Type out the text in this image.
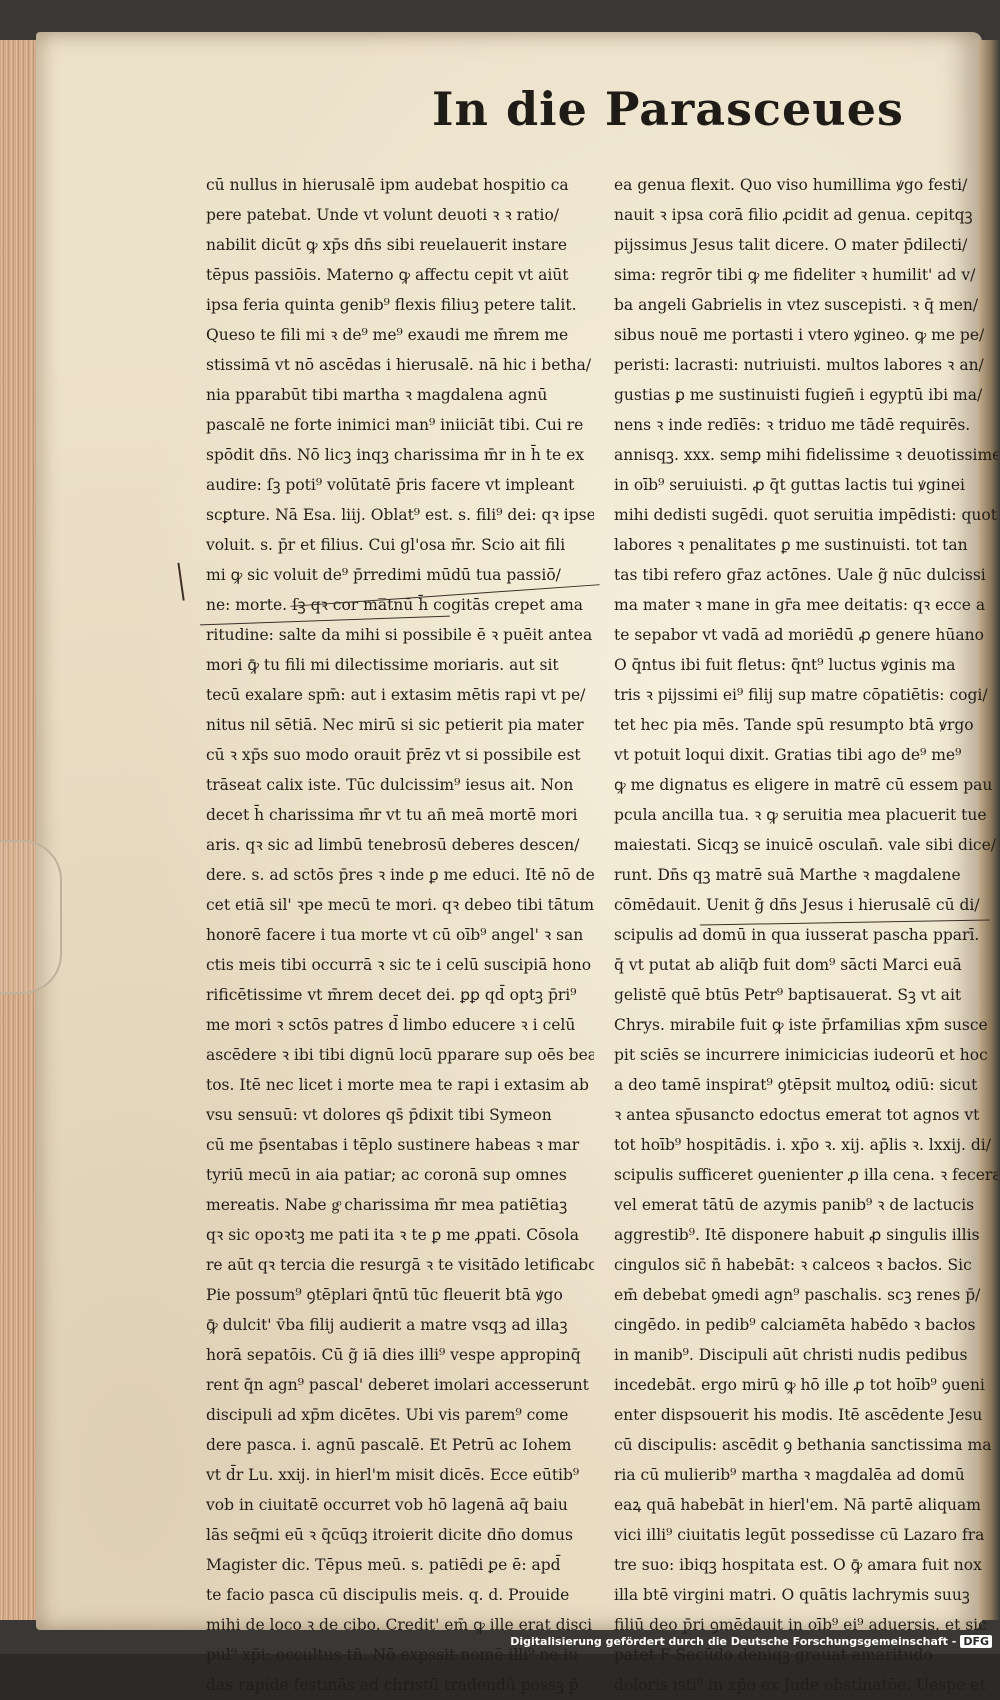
In die Parasceues
cū nullus in hierusalē ipm audebat hospitio ca
pere patebat. Unde vt volunt deuoti ꝛ ꝛ ratio/
nabilit dicūt ꝙ xp̄s dn̄s sibi reuelauerit instare
tēpus passiōis. Materno ꝙ affectu cepit vt aiūt
ipsa feria quinta genib⁹ flexis filiuꝫ petere talit.
Queso te fili mi ꝛ de⁹ me⁹ exaudi me m̄rem me
stissimā vt nō ascēdas i hierusalē. nā hic i betha/
nia pparabūt tibi martha ꝛ magdalena agnū
pascalē ne forte inimici man⁹ iniiciāt tibi. Cui re
spōdit dn̄s. Nō licꝫ inqꝫ charissima m̄r in h̄ te ex
audire: ſꝫ poti⁹ volūtatē p̄ris facere vt impleant
scꝑture. Nā Esa. liij. Oblat⁹ est. s. fili⁹ dei: qꝛ ipse
voluit. s. p̄r et filius. Cui gl'osa m̄r. Scio ait fili
mi ꝙ sic voluit de⁹ p̄rredimi mūdū tua passiō/
ne: morte. ſꝫ qꝛ cor ma̅tnū h̄ cogitās crepet ama
ritudine: salte da mihi si possibile ē ꝛ puēit antea
mori ꝙ̄ tu fili mi dilectissime moriaris. aut sit
tecū exalare spm̄: aut i extasim mētis rapi vt pe/
nitus nil sētiā. Nec mirū si sic petierit pia mater
cū ꝛ xp̄s suo modo orauit p̄rēz vt si possibile est
trāseat calix iste. Tūc dulcissim⁹ iesus ait. Non
decet h̄ charissima m̄r vt tu an̄ meā mortē mori
aris. qꝛ sic ad limbū tenebrosū deberes descen/
dere. s. ad sctōs p̄res ꝛ inde ꝑ me educi. Itē nō de
cet etiā sil' ꝛpe mecū te mori. qꝛ debeo tibi tātum
honorē facere i tua morte vt cū oīb⁹ angel' ꝛ san
ctis meis tibi occurrā ꝛ sic te i celū suscipiā hono
rificētissime vt m̄rem decet dei. ꝑꝑ qd̄ optꝫ p̄ri⁹
me mori ꝛ sctōs patres d̄ limbo educere ꝛ i celū
ascēdere ꝛ ibi tibi dignū locū pparare sup oēs bea/
tos. Itē nec licet i morte mea te rapi i extasim ab
vsu sensuū: vt dolores qs̄ p̄dixit tibi Symeon
cū me p̄sentabas i tēplo sustinere habeas ꝛ mar
tyriū mecū in aia patiar; ac coronā sup omnes
mereatis. Nabe gͦ charissima m̄r mea patiētiaꝫ
qꝛ sic opoꝛtꝫ me pati ita ꝛ te ꝑ me ꝓpati. Cōsola
re aūt qꝛ tercia die resurgā ꝛ te visitādo letificabo
Pie possum⁹ ꝯtēplari q̄ntū tūc fleuerit btā ꝟgo
ꝙ̄ dulcit' v̄ba filij audierit a matre vsqꝫ ad illaꝫ
horā sepatōis. Cū g̃ iā dies illi⁹ vespe appropinq̄
rent q̄n agn⁹ pascal' deberet imolari accesserunt
discipuli ad xp̄m dicētes. Ubi vis parem⁹ come
dere pasca. i. agnū pascalē. Et Petrū ac Iohem
vt d̄r Lu. xxij. in hierl'm misit dicēs. Ecce eūtib⁹
vob in ciuitatē occurret vob hō lagenā aq̄ baiu
lās seq̄mi eū ꝛ q̄cūqꝫ itroierit dicite dn̄o domus
Magister dic. Tēpus meū. s. patiēdi ꝑe ē: apd̄
te facio pasca cū discipulis meis. q. d. Prouide
mihi de loco ꝛ de cibo. Credit' em̄ ꝙ ille erat disci
pul⁹ xp̄i: occultus tn̄. Nō expssit nomē illi⁹ ne iu
das rapide festinās ad christū tradendū possꝫ p̄
ea genua flexit. Quo viso humillima ꝟgo festi/
nauit ꝛ ipsa corā filio ꝓcidit ad genua. cepitqꝫ
pijssimus Jesus talit dicere. O mater p̄dilecti/
sima: regrōr tibi ꝙ me fideliter ꝛ humilit' ad v/
ba angeli Gabrielis in vtez suscepisti. ꝛ q̄ men/
sibus nouē me portasti i vtero ꝟgineo. ꝙ me pe/
peristi: lacrasti: nutriuisti. multos labores ꝛ an/
gustias ꝑ me sustinuisti fugien̄ i egyptū ibi ma/
nens ꝛ inde redīēs: ꝛ triduo me tādē requirēs.
annisqꝫ. xxx. semꝑ mihi fidelissime ꝛ deuotissime
in oīb⁹ seruiuisti. ꝓ q̄t guttas lactis tui ꝟginei
mihi dedisti sugēdi. quot seruitia impēdisti: quot
labores ꝛ penalitates ꝑ me sustinuisti. tot tan
tas tibi refero gr̄az actōnes. Uale g̃ nūc dulcissi
ma mater ꝛ mane in gr̄a mee deitatis: qꝛ ecce a
te sepabor vt vadā ad moriēdū ꝓ genere hūano
O q̄ntus ibi fuit fletus: q̄nt⁹ luctus ꝟginis ma
tris ꝛ pijssimi ei⁹ filij sup matre cōpatiētis: cogi/
tet hec pia mēs. Tande spū resumpto btā ꝟrgo
vt potuit loqui dixit. Gratias tibi ago de⁹ me⁹
ꝙ me dignatus es eligere in matrē cū essem pau
pcula ancilla tua. ꝛ ꝙ seruitia mea placuerit tue
maiestati. Sicqꝫ se inuicē osculan̄. vale sibi dice/
runt. Dn̄s qꝫ matrē suā Marthe ꝛ magdalene
cōmēdauit. Uenit g̃ dn̄s Jesus i hierusalē cū di/
scipulis ad domū in qua iusserat pascha pparī.
q̄ vt putat ab aliq̄b fuit dom⁹ sācti Marci euā
gelistē quē btūs Petr⁹ baptisauerat. Sꝫ vt ait
Chrys. mirabile fuit ꝙ iste p̄rfamilias xp̄m susce
pit sciēs se incurrere inimicicias iudeorū et hoc
a deo tamē inspirat⁹ ꝯtēpsit multoꝝ odiū: sicut
ꝛ antea sp̄usancto edoctus emerat tot agnos vt
tot hoīb⁹ hospitādis. i. xp̄o ꝛ. xij. ap̄lis ꝛ. lxxij. di/
scipulis sufficeret ꝯuenienter ꝓ illa cena. ꝛ fecerat
vel emerat tātū de azymis panib⁹ ꝛ de lactucis
aggrestib⁹. Itē disponere habuit ꝓ singulis illis
cingulos sic̄ n̄ habebāt: ꝛ calceos ꝛ bacłos. Sic
em̄ debebat ꝯmedi agn⁹ paschalis. scꝫ renes p̄/
cingēdo. in pedib⁹ calciamēta habēdo ꝛ bacłos
in manib⁹. Discipuli aūt christi nudis pedibus
incedebāt. ergo mirū ꝙ hō ille ꝓ tot hoīb⁹ ꝯueni
enter dispsouerit his modis. Itē ascēdente Jesu
cū discipulis: ascēdit ꝯ bethania sanctissima ma
ria cū mulierib⁹ martha ꝛ magdalēa ad domū
eaꝝ quā habebāt in hierl'em. Nā partē aliquam
vici illi⁹ ciuitatis legūt possedisse cū Lazaro fra
tre suo: ibiqꝫ hospitata est. O ꝙ̄ amara fuit nox
illa btē virgini matri. O quātis lachrymis suuꝫ
filiū deo p̄ri ꝯmēdauit in oīb⁹ ei⁹ aduersis. et sic
patet F Secūdo deniqꝫ grauat amaritudo
doloris isti⁹ in xp̄o ex Jude obstinatōe. Uespe et
Digitalisierung gefördert durch die Deutsche Forschungsgemeinschaft - DFG
